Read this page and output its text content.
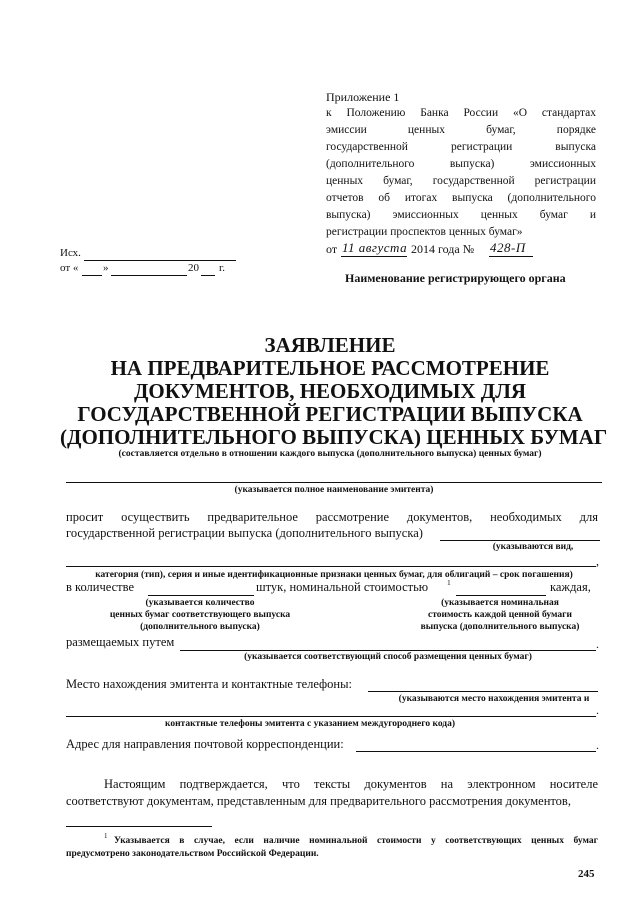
Приложение 1
к Положению Банка России «О стандартах
эмиссии ценных бумаг, порядке
государственной регистрации выпуска
(дополнительного выпуска) эмиссионных
ценных бумаг, государственной регистрации
отчетов об итогах выпуска (дополнительного
выпуска) эмиссионных ценных бумаг и
регистрации проспектов ценных бумаг»
от 11 августа 2014 года № 428-П
Исх.
от « »	20 г.
Наименование регистрирующего органа
ЗАЯВЛЕНИЕ
НА ПРЕДВАРИТЕЛЬНОЕ РАССМОТРЕНИЕ
ДОКУМЕНТОВ, НЕОБХОДИМЫХ ДЛЯ
ГОСУДАРСТВЕННОЙ РЕГИСТРАЦИИ ВЫПУСКА
(ДОПОЛНИТЕЛЬНОГО ВЫПУСКА) ЦЕННЫХ БУМАГ
(составляется отдельно в отношении каждого выпуска (дополнительного выпуска) ценных бумаг)
(указывается полное наименование эмитента)
просит осуществить предварительное рассмотрение документов, необходимых для
государственной регистрации выпуска (дополнительного выпуска)
(указываются вид,
,
категория (тип), серия и иные идентификационные признаки ценных бумаг, для облигаций – срок погашения)
в количестве	штук, номинальной стоимостью	1	каждая,
(указывается количество
ценных бумаг соответствующего выпуска
(дополнительного выпуска)
(указывается номинальная
стоимость каждой ценной бумаги
выпуска (дополнительного выпуска)
размещаемых путем	.
(указывается соответствующий способ размещения ценных бумаг)
Место нахождения эмитента и контактные телефоны:
(указываются место нахождения эмитента и
.
контактные телефоны эмитента с указанием междугороднего кода)
Адрес для направления почтовой корреспонденции:	.
Настоящим подтверждается, что тексты документов на электронном носителе
соответствуют документам, представленным для предварительного рассмотрения документов,
1 Указывается в случае, если наличие номинальной стоимости у соответствующих ценных бумаг
предусмотрено законодательством Российской Федерации.
245
